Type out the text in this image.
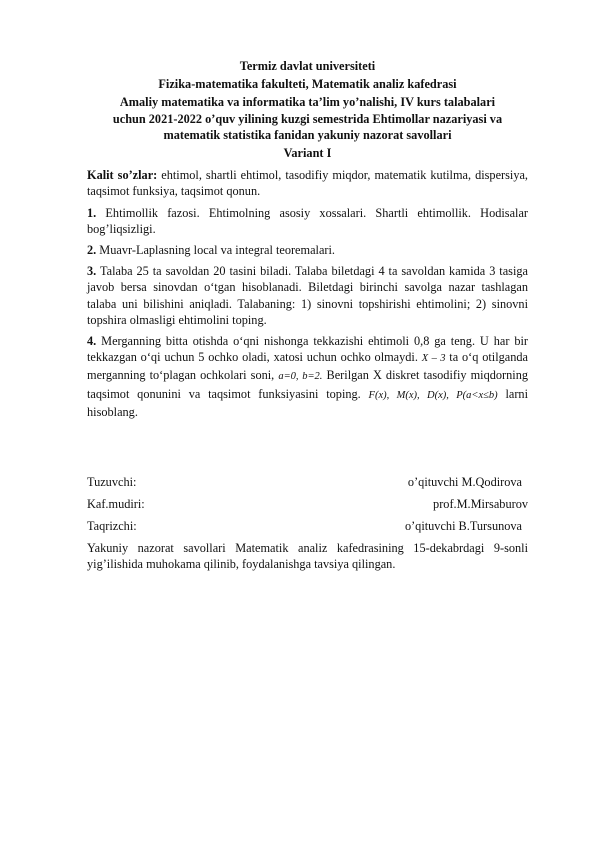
Termiz davlat universiteti
Fizika-matematika fakulteti, Matematik analiz kafedrasi
Amaliy matematika va informatika ta’lim yo’nalishi, IV kurs talabalari
uchun 2021-2022 o’quv yilining kuzgi semestrida Ehtimollar nazariyasi va
matematik statistika fanidan yakuniy nazorat savollari
Variant I

Kalit so’zlar: ehtimol, shartli ehtimol, tasodifiy miqdor, matematik kutilma, dispersiya, taqsimot funksiya, taqsimot qonun.

1. Ehtimollik fazosi. Ehtimolning asosiy xossalari. Shartli ehtimollik. Hodisalar bog’liqsizligi.

2. Muavr-Laplasning local va integral teoremalari.

3. Talaba 25 ta savoldan 20 tasini biladi. Talaba biletdagi 4 ta savoldan kamida 3 tasiga javob bersa sinovdan o‘tgan hisoblanadi. Biletdagi birinchi savolga nazar tashlagan talaba uni bilishini aniqladi. Talabaning: 1) sinovni topshirishi ehtimolini; 2) sinovni topshira olmasligi ehtimolini toping.

4. Merganning bitta otishda o‘qni nishonga tekkazishi ehtimoli 0,8 ga teng. U har bir tekkazgan o‘qi uchun 5 ochko oladi, xatosi uchun ochko olmaydi. X – 3 ta o‘q otilganda merganning to‘plagan ochkolari soni, a=0, b=2. Berilgan X diskret tasodifiy miqdorning taqsimot qonunini va taqsimot funksiyasini toping. F(x), M(x), D(x), P(a<x≤b) larni hisoblang.

Tuzuvchi:	o’qituvchi M.Qodirova
Kaf.mudiri:	prof.M.Mirsaburov
Taqrizchi:	o’qituvchi B.Tursunova

Yakuniy nazorat savollari Matematik analiz kafedrasining 15-dekabrdagi 9-sonli yig’ilishida muhokama qilinib, foydalanishga tavsiya qilingan.
